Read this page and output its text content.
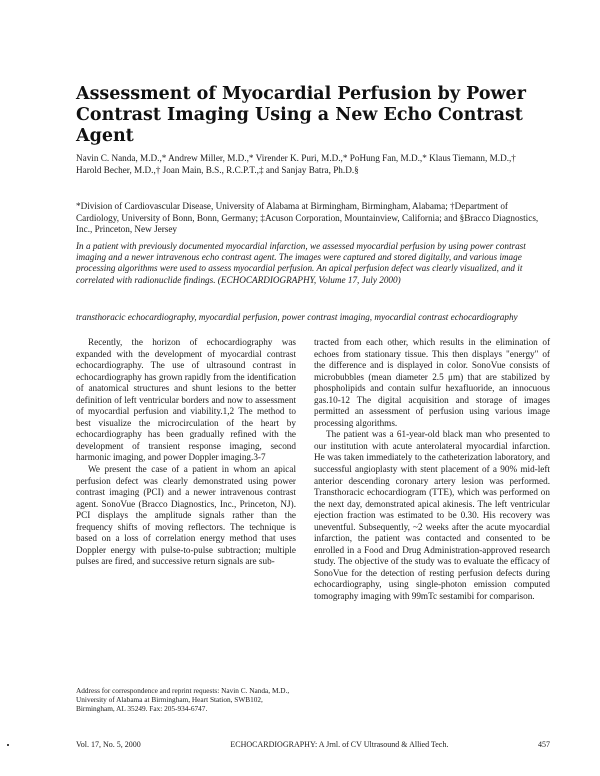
Assessment of Myocardial Perfusion by Power Contrast Imaging Using a New Echo Contrast Agent
Navin C. Nanda, M.D.,* Andrew Miller, M.D.,* Virender K. Puri, M.D.,* PoHung Fan, M.D.,* Klaus Tiemann, M.D.,† Harold Becher, M.D.,† Joan Main, B.S., R.C.P.T.,‡ and Sanjay Batra, Ph.D.§
*Division of Cardiovascular Disease, University of Alabama at Birmingham, Birmingham, Alabama; †Department of Cardiology, University of Bonn, Bonn, Germany; ‡Acuson Corporation, Mountainview, California; and §Bracco Diagnostics, Inc., Princeton, New Jersey
In a patient with previously documented myocardial infarction, we assessed myocardial perfusion by using power contrast imaging and a newer intravenous echo contrast agent. The images were captured and stored digitally, and various image processing algorithms were used to assess myocardial perfusion. An apical perfusion defect was clearly visualized, and it correlated with radionuclide findings. (ECHOCARDIOGRAPHY, Volume 17, July 2000)
transthoracic echocardiography, myocardial perfusion, power contrast imaging, myocardial contrast echocardiography

Recently, the horizon of echocardiography was expanded with the development of myocardial contrast echocardiography. The use of ultrasound contrast in echocardiography has grown rapidly from the identification of anatomical structures and shunt lesions to the better definition of left ventricular borders and now to assessment of myocardial perfusion and viability.1,2 The method to best visualize the microcirculation of the heart by echocardiography has been gradually refined with the development of transient response imaging, second harmonic imaging, and power Doppler imaging.3-7

We present the case of a patient in whom an apical perfusion defect was clearly demonstrated using power contrast imaging (PCI) and a newer intravenous contrast agent. SonoVue (Bracco Diagnostics, Inc., Princeton, NJ). PCI displays the amplitude signals rather than the frequency shifts of moving reflectors. The technique is based on a loss of correlation energy method that uses Doppler energy with pulse-to-pulse subtraction; multiple pulses are fired, and successive return signals are sub-

tracted from each other, which results in the elimination of echoes from stationary tissue. This then displays "energy" of the difference and is displayed in color. SonoVue consists of microbubbles (mean diameter 2.5 μm) that are stabilized by phospholipids and contain sulfur hexafluoride, an innocuous gas.10-12 The digital acquisition and storage of images permitted an assessment of perfusion using various image processing algorithms.

The patient was a 61-year-old black man who presented to our institution with acute anterolateral myocardial infarction. He was taken immediately to the catheterization laboratory, and successful angioplasty with stent placement of a 90% mid-left anterior descending coronary artery lesion was performed. Transthoracic echocardiogram (TTE), which was performed on the next day, demonstrated apical akinesis. The left ventricular ejection fraction was estimated to be 0.30. His recovery was uneventful. Subsequently, ~2 weeks after the acute myocardial infarction, the patient was contacted and consented to be enrolled in a Food and Drug Administration-approved research study. The objective of the study was to evaluate the efficacy of SonoVue for the detection of resting perfusion defects during echocardiography, using single-photon emission computed tomography imaging with 99mTc sestamibi for comparison.

Address for correspondence and reprint requests: Navin C. Nanda, M.D., University of Alabama at Birmingham, Heart Station, SWB102, Birmingham, AL 35249. Fax: 205-934-6747.
Vol. 17, No. 5, 2000	ECHOCARDIOGRAPHY: A Jrnl. of CV Ultrasound & Allied Tech.	457
